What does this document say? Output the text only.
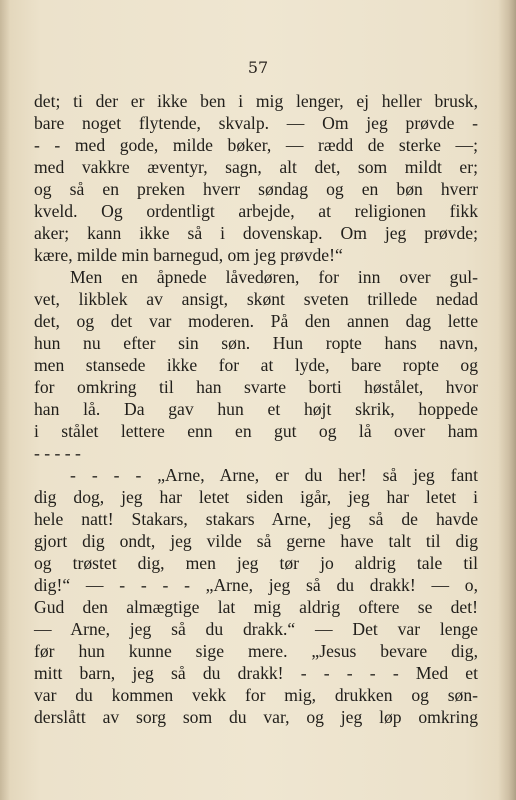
57
det; ti der er ikke ben i mig lenger, ej heller brusk,
bare noget flytende, skvalp. — Om jeg prøvde -
- - med gode, milde bøker, — rædd de sterke —;
med vakkre æventyr, sagn, alt det, som mildt er;
og så en preken hverr søndag og en bøn hverr
kveld. Og ordentligt arbejde, at religionen fikk
aker; kann ikke så i dovenskap. Om jeg prøvde;
kære, milde min barnegud, om jeg prøvde!“
Men en åpnede låvedøren, for inn over gul-
vet, likblek av ansigt, skønt sveten trillede nedad
det, og det var moderen. På den annen dag lette
hun nu efter sin søn. Hun ropte hans navn,
men stansede ikke for at lyde, bare ropte og
for omkring til han svarte borti høstålet, hvor
han lå. Da gav hun et højt skrik, hoppede
i stålet lettere enn en gut og lå over ham
- - - - -
- - - - „Arne, Arne, er du her! så jeg fant
dig dog, jeg har letet siden igår, jeg har letet i
hele natt! Stakars, stakars Arne, jeg så de havde
gjort dig ondt, jeg vilde så gerne have talt til dig
og trøstet dig, men jeg tør jo aldrig tale til
dig!“ — - - - - „Arne, jeg så du drakk! — o,
Gud den almægtige lat mig aldrig oftere se det!
— Arne, jeg så du drakk.“ — Det var lenge
før hun kunne sige mere. „Jesus bevare dig,
mitt barn, jeg så du drakk! - - - - - Med et
var du kommen vekk for mig, drukken og søn-
derslått av sorg som du var, og jeg løp omkring
